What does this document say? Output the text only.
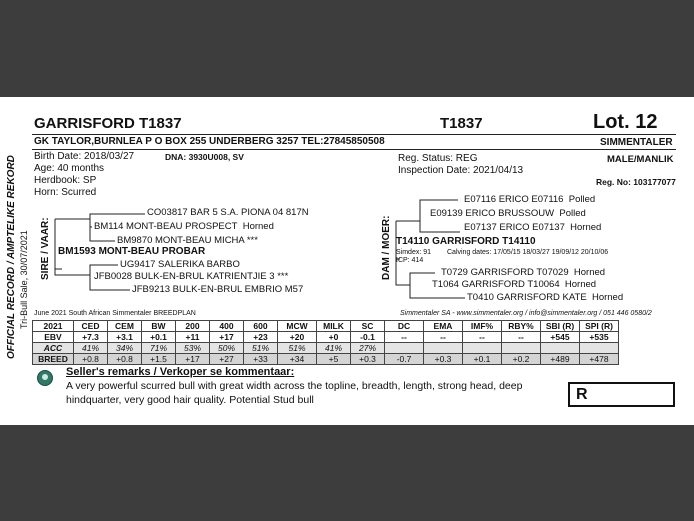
GARRISFORD T1837	T1837	Lot. 12
GK TAYLOR,BURNLEA P O BOX 255 UNDERBERG 3257 TEL:27845850508	SIMMENTALER
Birth Date: 2018/03/27	DNA: 3930U008, SV
Age: 40 months
Herdbook: SP
Horn: Scurred
Reg. Status: REG
Inspection Date: 2021/04/13
MALE/MANLIK
Reg. No: 103177077
OFFICIAL RECORD / AMPTELIKE REKORD Tri-Bull Sale, 30/07/2021 SIRE / VAAR:	DAM / MOER:
CO03817 BAR 5 S.A. PIONA 04 817N
BM114 MONT-BEAU PROSPECT Horned
BM9870 MONT-BEAU MICHA ***
BM1593 MONT-BEAU PROBAR
UG9417 SALERIKA BARBO
JFB0028 BULK-EN-BRUL KATRIENTJIE 3 ***
JFB9213 BULK-EN-BRUL EMBRIO M57
E07116 ERICO E07116 Polled
E09139 ERICO BRUSSOUW Polled
E07137 ERICO E07137 Horned
T14110 GARRISFORD T14110
Simdex: 91
ICP: 414
Calving dates: 17/05/15 18/03/27 19/09/12 20/10/06
T0729 GARRISFORD T07029 Horned
T1064 GARRISFORD T10064 Horned
T0410 GARRISFORD KATE Horned
June 2021 South African Simmentaler BREEDPLAN	Simmentaler SA - www.simmentaler.org / info@simmentaler.org / 051 446 0580/2
2021	CED	CEM	BW	200	400	600	MCW	MILK	SC	DC	EMA	IMF%	RBY%	SBI (R)	SPI (R)
EBV	+7.3	+3.1	+0.1	+11	+17	+23	+20	+0	-0.1	--	--	--	--	+545	+535
ACC	41%	34%	71%	53%	50%	51%	51%	41%	27%						
BREED	+0.8	+0.8	+1.5	+17	+27	+33	+34	+5	+0.3	-0.7	+0.3	+0.1	+0.2	+489	+478
Seller's remarks / Verkoper se kommentaar:
A very powerful scurred bull with great width across the topline, breadth, length, strong head, deep
hindquarter, very good hair quality. Potential Stud bull	R
